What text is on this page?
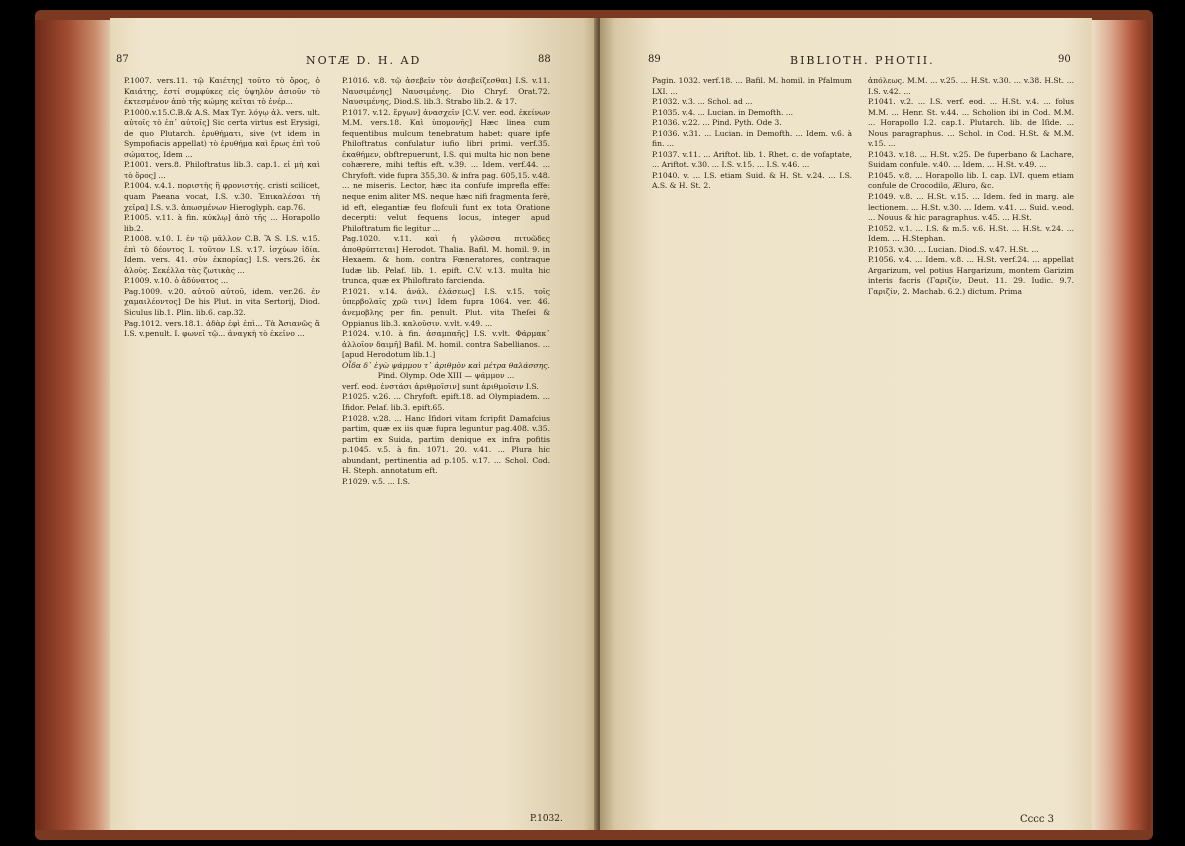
87	NOTÆ D. H. AD	88

P.1007. vers.11. τῷ Καιέτης] τοῦτο τὸ ὄρος, ὁ Καιάτης, ἐστί συμφύκες εἰς ὑψηλὸν ἀσιοῦν τὸ ἐκτεσμένον ἀπὸ τῆς κώμης κεῖται τὸ ἐνέρ...

P.1000.v.15.C.B.& A.S. Max Tyr. λόγῳ ἀλ. vers. ult. αὐτοῖς τὸ ἐπ᾽ αὐτοῖς] Sic certa virtus est Erysigi, de quo Plutarch. ἐρυθήματι, sive (vt idem in Sympofiacis appellat) τὸ ἐρυθήμα καὶ ἔρως ἐπὶ τοῦ σώματος, Idem ...

P.1001. vers.8. Philoftratus lib.3. cap.1. εἰ μὴ καὶ τὸ ὅρος] ...

P.1004. v.4.1. ποριστὴς ἢ φρονιστής. cristi scilicet, quam Paeana vocat, I.S. v.30. Ἐπικαλέσαι τὴ χεῖρα] I.S. v.3. ἀπωσμένων Hieroglyph. cap.76.

P.1005. v.11. à fin. κύκλῳ] ἀπὸ τῆς ... Horapollo lib.2.

P.1008. v.10. I. ἐν τῷ μᾶλλον C.B. Ἂ S. I.S. v.15. ἐπὶ τὸ δέοντος I. τοῦτον I.S. v.17. ἰσχύων ἰδία. Idem. vers. 41. σὺν ἐκπορίας] I.S. vers.26. ἐκ ἀλοὺς. Σεκέλλα τὰς ζωτικὰς ...

P.1009. v.10. ὁ ἀδύνατος ...

Pag.1009. v.20. αὐτοῦ αὐτοῦ, idem. ver.26. ἐν χαμαιλέοντος] De his Plut. in vita Sertorij, Diod. Siculus lib.1. Plin. lib.6. cap.32.

Pag.1012. vers.18.1. ἀδὰρ ἐφὶ ἐπὶ... Τὰ Ἀσιανῶς ἃ I.S. v.penult. I. φωνεῖ τῷ... ἀναγκὴ τὸ ἐκεῖνο ...

P.1016. v.8. τῷ ἀσεβεῖν τὸν ἀσεβείζεσθαι] I.S. v.11. Ναυσιμένης] Ναυσιμένης. Dio Chryf. Orat.72. Ναυσιμένης, Diod.S. lib.3. Strabo lib.2. & 17.

P.1017. v.12. ἔργων] ἀνασχεῖν [C.V. ver. eod. ἐκείνων M.M. vers.18. Καὶ ὑπομονῆς] Hæc linea cum fequentibus mulcum tenebratum habet: quare ipfe Philoftratus confulatur iufio libri primi. verf.35. ἐκαθήμεν, obftrepuerunt, I.S. qui multa hic non bene cohærere, mihi teftis eft. v.39. ... Idem. verf.44. ... Chryfoft. vide fupra 355,30. & infra pag. 605,15. v.48. ... ne miseris. Lector, hæc ita confufe imprefla effe: neque enim aliter MS. neque hæc nifi fragmenta ferè, id eft, elegantiæ feu flofculi funt ex tota Oratione decerpti: velut fequens locus, integer apud Philoftratum fic legitur ...

Pag.1020. v.11. καὶ ἡ γλῶσσα πιτυῶδες ἀποθρύπτεται] Herodot. Thalia. Bafil. M. homil. 9. in Hexaem. & hom. contra Fœneratores, contraque Iudæ lib. Pelaf. lib. 1. epift. C.V. v.13. multa hic trunca, quæ ex Philoftrato farcienda.

P.1021. v.14. ἀνάλ. ἐλάσεως] I.S. v.15. τοῖς ὑπερβολαῖς χρῶ τινι] Idem fupra 1064. ver. 46. ἀνεμοβλης per fin. penult. Plut. vita Theſei & Oppianus lib.3. καλοῦσιν. v.vlt. v.49. ...

P.1024. v.10. à fin. ἀσαμπαῆς] I.S. v.vlt. Φάρμακ᾽ ἀλλοῖον δαιμῆ] Bafil. M. homil. contra Sabellianos. ... [apud Herodotum lib.1.]

Οἶδα δ᾽ ἐγὼ ψάμμου τ᾽ ἀριθμὸν καὶ μέτρα θαλάσσης.

Pind. Olymp. Ode XIII — ψάμμον ...

verf. eod. ἐνστάσι ἀριθμοῖσιν] sunt ἀριθμοῖσιν I.S.

P.1025. v.26. ... Chryfoft. epift.18. ad Olympiadem. ... Ifidor. Pelaf. lib.3. epift.65.

P.1028. v.28. ... Hanc Ifidori vitam fcripfit Damafcius partim, quæ ex iis quæ fupra leguntur pag.408. v.35. partim ex Suida, partim denique ex infra pofitis p.1045. v.5. à fin. 1071. 20. v.41. ... Plura hic abundant, pertinentia ad p.105. v.17. ... Schol. Cod. H. Steph. annotatum eft.

P.1029. v.5. ... I.S.

P.1032.
89	BIBLIOTH. PHOTII.	90

Pagin. 1032. verf.18. ... Bafil. M. homil. in Pfalmum LXI. ...

P.1032. v.3. ... Schol. ad ...

P.1035. v.4. ... Lucian. in Demofth. ...

P.1036. v.22. ... Pind. Pyth. Ode 3.

P.1036. v.31. ... Lucian. in Demofth. ... Idem. v.6. à fin. ...

P.1037. v.11. ... Ariftot. lib. 1. Rhet. c. de vofaptate, ... Ariftot. v.30. ... I.S. v.15. ... I.S. v.46. ...

P.1040. v. ... I.S. etiam Suid. & H. St. v.24. ... I.S. A.S. & H. St. 2.

ἀπόλεως. M.M. ... v.25. ... H.St. v.30. ... v.38. H.St. ... I.S. v.42. ...

P.1041. v.2. ... I.S. verf. eod. ... H.St. v.4. ... folus M.M. ... Henr. St. v.44. ... Scholion ibi in Cod. M.M. ... Horapollo I.2. cap.1. Plutarch. lib. de Iſide. ... Nous paragraphus. ... Schol. in Cod. H.St. & M.M. v.15. ...

P.1043. v.18. ... H.St. v.25. De fuperbano & Lachare, Suidam confule. v.40. ... Idem. ... H.St. v.49. ...

P.1045. v.8. ... Horapollo lib. I. cap. LVI. quem etiam confule de Crocodilo, Æluro, &c.

P.1049. v.8. ... H.St. v.15. ... Idem. fed in marg. ale lectionem. ... H.St. v.30. ... Idem. v.41. ... Suid. v.eod. ... Nouus & hic paragraphus. v.45. ... H.St.

P.1052. v.1. ... I.S. & m.5. v.6. H.St. ... H.St. v.24. ... Idem. ... H.Stephan.

P.1053. v.30. ... Lucian. Diod.S. v.47. H.St. ...

P.1056. v.4. ... Idem. v.8. ... H.St. verf.24. ... appellat Argarizum, vel potius Hargarizum, montem Garizim interis facris (Γαριζίν, Deut. 11. 29. Iudic. 9.7. Γαριζίν, 2. Machab. 6.2.) dictum. Prima

Cccc 3
